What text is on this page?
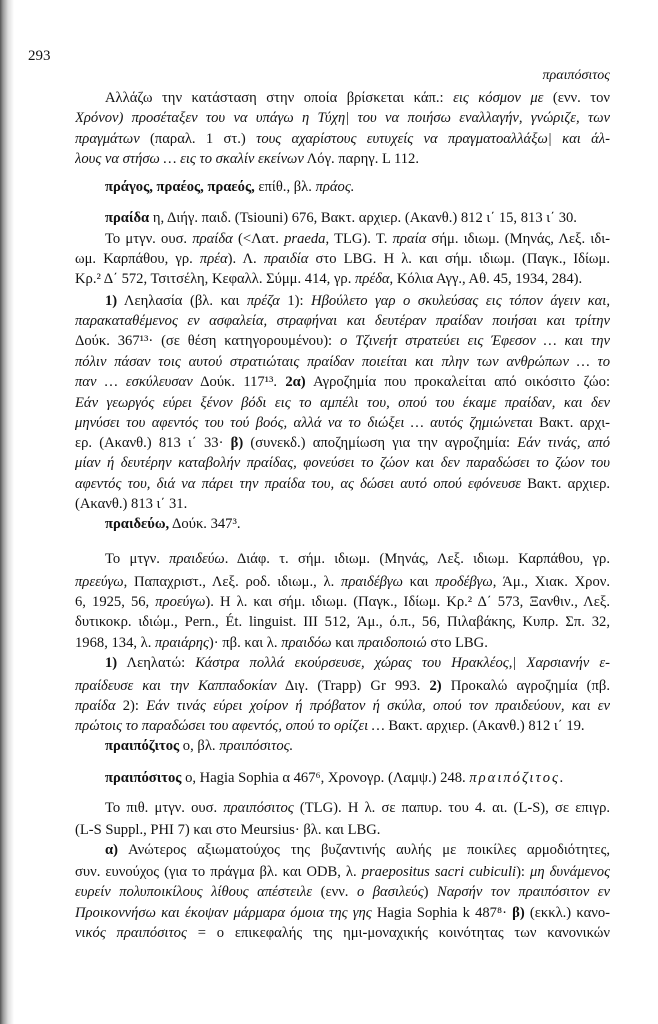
293
πραιπόσιτος
Αλλάζω την κατάσταση στην οποία βρίσκεται κάπ.: εις κόσμον με (ενν. τον
Χρόνον) προσέταξεν του να υπάγω η Τύχη| του να ποιήσω εναλλαγήν, γνώριζε, των
πραγμάτων (παραλ. 1 στ.) τους αχαρίστους ευτυχείς να πραγματοαλλάξω| και άλ-
λους να στήσω … εις το σκαλίν εκείνων Λόγ. παρηγ. L 112.
πράγος, πραέος, πραεός, επίθ., βλ. πράος.
πραίδα η, Διήγ. παιδ. (Tsiouni) 676, Βακτ. αρχιερ. (Ακανθ.) 812 ι΄ 15, 813 ι΄ 30.
Το μτγν. ουσ. πραίδα (<Λατ. praeda, TLG). Τ. πραία σήμ. ιδιωμ. (Μηνάς, Λεξ. ιδι-
ωμ. Καρπάθου, γρ. πρέα). Λ. πραιδία στο LBG. Η λ. και σήμ. ιδιωμ. (Παγκ., Ιδίωμ.
Κρ.² Δ΄ 572, Τσιτσέλη, Κεφαλλ. Σύμμ. 414, γρ. πρέδα, Κόλια Αγγ., Αθ. 45, 1934, 284).
1) Λεηλασία (βλ. και πρέζα 1): Ηβούλετο γαρ ο σκυλεύσας εις τόπον άγειν και,
παρακαταθέμενος εν ασφαλεία, στραφήναι και δευτέραν πραίδαν ποιήσαι και τρίτην
Δούκ. 367¹³· (σε θέση κατηγορουμένου): ο Τζινεήτ στρατεύει εις Έφεσον … και την
πόλιν πάσαν τοις αυτού στρατιώταις πραίδαν ποιείται και πλην των ανθρώπων … το
παν … εσκύλευσαν Δούκ. 117¹³. 2α) Αγροζημία που προκαλείται από οικόσιτο ζώο:
Εάν γεωργός εύρει ξένον βόδι εις το αμπέλι του, οπού του έκαμε πραίδαν, και δεν
μηνύσει του αφεντός του τού βοός, αλλά να το διώξει … αυτός ζημιώνεται Βακτ. αρχι-
ερ. (Ακανθ.) 813 ι΄ 33· β) (συνεκδ.) αποζημίωση για την αγροζημία: Εάν τινάς, από
μίαν ή δευτέρην καταβολήν πραίδας, φονεύσει το ζώον και δεν παραδώσει το ζώον του
αφεντός του, διά να πάρει την πραίδα του, ας δώσει αυτό οπού εφόνευσε Βακτ. αρχιερ.
(Ακανθ.) 813 ι΄ 31.
πραιδεύω, Δούκ. 347³.
Το μτγν. πραιδεύω. Διάφ. τ. σήμ. ιδιωμ. (Μηνάς, Λεξ. ιδιωμ. Καρπάθου, γρ.
πρεεύγω, Παπαχριστ., Λεξ. ροδ. ιδιωμ., λ. πραιδέβγω και προδέβγω, Άμ., Χιακ. Χρον.
6, 1925, 56, προεύγω). Η λ. και σήμ. ιδιωμ. (Παγκ., Ιδίωμ. Κρ.² Δ΄ 573, Ξανθιν., Λεξ.
δυτικοκρ. ιδιώμ., Pern., Ét. linguist. III 512, Άμ., ό.π., 56, Πιλαβάκης, Κυπρ. Σπ. 32,
1968, 134, λ. πραιάρης)· πβ. και λ. πραιδόω και πραιδοποιώ στο LBG.
1) Λεηλατώ: Κάστρα πολλά εκούρσευσε, χώρας του Ηρακλέος,| Χαρσιανήν ε-
πραίδευσε και την Καππαδοκίαν Διγ. (Trapp) Gr 993. 2) Προκαλώ αγροζημία (πβ.
πραίδα 2): Εάν τινάς εύρει χοίρον ή πρόβατον ή σκύλα, οπού τον πραιδεύουν, και εν
πρώτοις το παραδώσει του αφεντός, οπού το ορίζει … Βακτ. αρχιερ. (Ακανθ.) 812 ι΄ 19.
πραιπόζιτος ο, βλ. πραιπόσιτος.
πραιπόσιτος ο, Hagia Sophia α 467⁶, Χρονογρ. (Λαμψ.) 248. πραιπόζιτος.
Το πιθ. μτγν. ουσ. πραιπόσιτος (TLG). Η λ. σε παπυρ. του 4. αι. (L-S), σε επιγρ.
(L-S Suppl., PHI 7) και στο Meursius· βλ. και LBG.
α) Ανώτερος αξιωματούχος της βυζαντινής αυλής με ποικίλες αρμοδιότητες,
συν. ευνούχος (για το πράγμα βλ. και ODB, λ. praepositus sacri cubiculi): μη δυνάμενος
ευρείν πολυποικίλους λίθους απέστειλε (ενν. ο βασιλεύς) Ναρσήν τον πραιπόσιτον εν
Προικοννήσω και έκοψαν μάρμαρα όμοια της γης Hagia Sophia k 487⁸· β) (εκκλ.) κανο-
νικός πραιπόσιτος = ο επικεφαλής της ημι-μοναχικής κοινότητας των κανονικών
